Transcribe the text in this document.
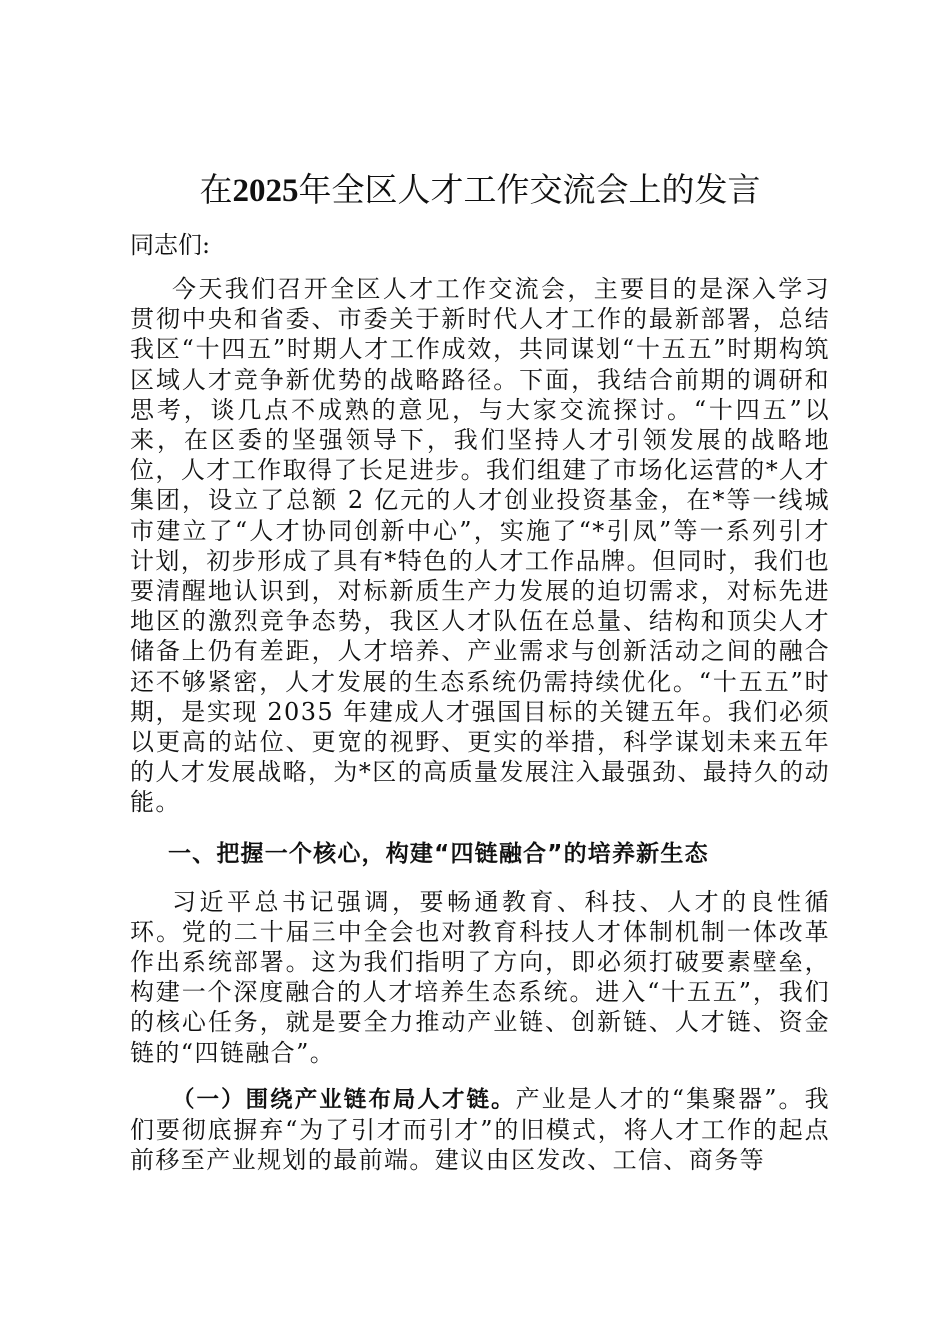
在2025年全区人才工作交流会上的发言

同志们:

今天我们召开全区人才工作交流会，主要目的是深入学习贯彻中央和省委、市委关于新时代人才工作的最新部署，总结我区“十四五”时期人才工作成效，共同谋划“十五五”时期构筑区域人才竞争新优势的战略路径。下面，我结合前期的调研和思考，谈几点不成熟的意见，与大家交流探讨。“十四五”以来，在区委的坚强领导下，我们坚持人才引领发展的战略地位，人才工作取得了长足进步。我们组建了市场化运营的*人才集团，设立了总额 2 亿元的人才创业投资基金，在*等一线城市建立了“人才协同创新中心”，实施了“*引凤”等一系列引才计划，初步形成了具有*特色的人才工作品牌。但同时，我们也要清醒地认识到，对标新质生产力发展的迫切需求，对标先进地区的激烈竞争态势，我区人才队伍在总量、结构和顶尖人才储备上仍有差距，人才培养、产业需求与创新活动之间的融合还不够紧密，人才发展的生态系统仍需持续优化。“十五五”时期，是实现 2035 年建成人才强国目标的关键五年。我们必须以更高的站位、更宽的视野、更实的举措，科学谋划未来五年的人才发展战略，为*区的高质量发展注入最强劲、最持久的动能。

一、把握一个核心，构建“四链融合”的培养新生态

习近平总书记强调，要畅通教育、科技、人才的良性循环。党的二十届三中全会也对教育科技人才体制机制一体改革作出系统部署。这为我们指明了方向，即必须打破要素壁垒，构建一个深度融合的人才培养生态系统。进入“十五五”，我们的核心任务，就是要全力推动产业链、创新链、人才链、资金链的“四链融合”。

（一）围绕产业链布局人才链。产业是人才的“集聚器”。我们要彻底摒弃“为了引才而引才”的旧模式，将人才工作的起点前移至产业规划的最前端。建议由区发改、工信、商务等
